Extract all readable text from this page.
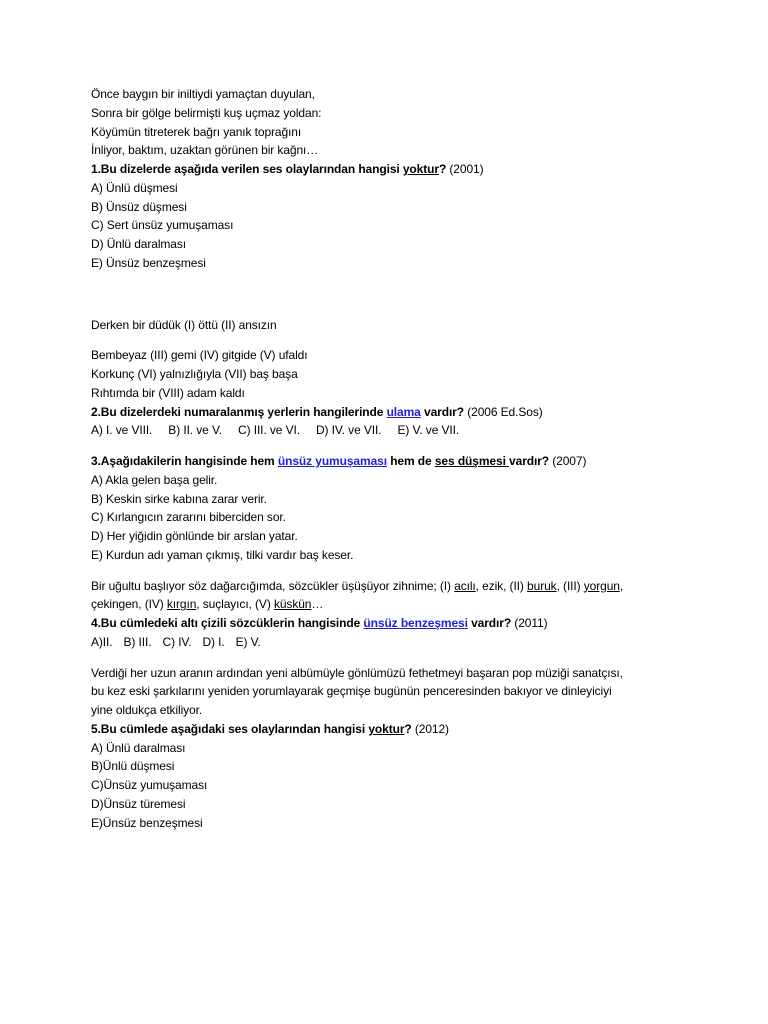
Önce baygın bir iniltiydi yamaçtan duyulan,
Sonra bir gölge belirmişti kuş uçmaz yoldan:
Köyümün titreterek bağrı yanık toprağını
İnliyor, baktım, uzaktan görünen bir kağnı…
1.Bu dizelerde aşağıda verilen ses olaylarından hangisi yoktur? (2001)
A) Ünlü düşmesi
B) Ünsüz düşmesi
C) Sert ünsüz yumuşaması
D) Ünlü daralması
E) Ünsüz benzeşmesi
Derken bir düdük (I) öttü (II) ansızın
Bembeyaz (III) gemi (IV) gitgide (V) ufaldı
Korkunç (VI) yalnızlığıyla (VII) baş başa
Rıhtımda bir (VIII) adam kaldı
2.Bu dizelerdeki numaralanmış yerlerin hangilerinde ulama vardır? (2006 Ed.Sos)
A) I. ve VIII. B) II. ve V. C) III. ve VI. D) IV. ve VII. E) V. ve VII.
3.Aşağıdakilerin hangisinde hem ünsüz yumuşaması hem de ses düşmesi vardır? (2007)
A) Akla gelen başa gelir.
B) Keskin sirke kabına zarar verir.
C) Kırlangıcın zararını biberciden sor.
D) Her yiğidin gönlünde bir arslan yatar.
E) Kurdun adı yaman çıkmış, tilki vardır baş keser.
Bir uğultu başlıyor söz dağarcığımda, sözcükler üşüşüyor zihnime; (I) acılı, ezik, (II) buruk, (III) yorgun,
çekingen, (IV) kırgın, suçlayıcı, (V) küskün…
4.Bu cümledeki altı çizili sözcüklerin hangisinde ünsüz benzeşmesi vardır? (2011)
A)II. B) III. C) IV. D) I. E) V.
Verdiği her uzun aranın ardından yeni albümüyle gönlümüzü fethetmeyi başaran pop müziği sanatçısı,
bu kez eski şarkılarını yeniden yorumlayarak geçmişe bugünün penceresinden bakıyor ve dinleyiciyi
yine oldukça etkiliyor.
5.Bu cümlede aşağıdaki ses olaylarından hangisi yoktur? (2012)
A) Ünlü daralması
B)Ünlü düşmesi
C)Ünsüz yumuşaması
D)Ünsüz türemesi
E)Ünsüz benzeşmesi
